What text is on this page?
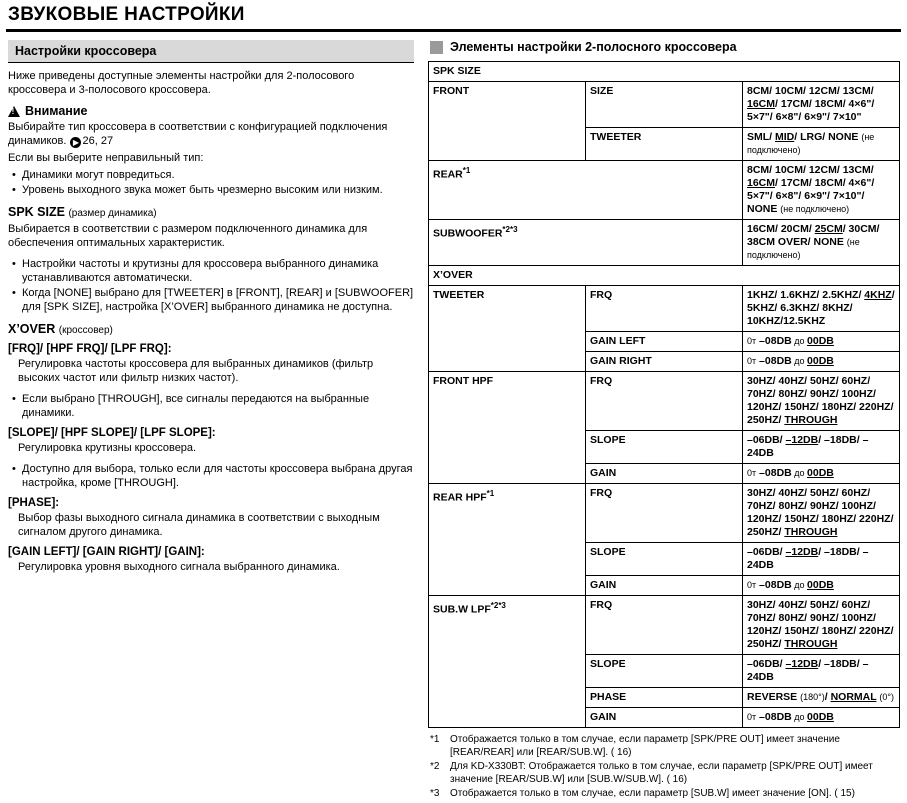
ЗВУКОВЫЕ НАСТРОЙКИ
Настройки кроссовера

Ниже приведены доступные элементы настройки для 2-полосового кроссовера и 3-полосового кроссовера.

!
Внимание

Выбирайте тип кроссовера в соответствии с конфигурацией подключения динамиков. ▶ 26, 27

Если вы выберите неправильный тип:

• Динамики могут повредиться.
• Уровень выходного звука может быть чрезмерно высоким или низким.
SPK SIZE (размер динамика)

Выбирается в соответствии с размером подключенного динамика для обеспечения оптимальных характеристик.

• Настройки частоты и крутизны для кроссовера выбранного динамика устанавливаются автоматически.
• Когда [NONE] выбрано для [TWEETER] в [FRONT], [REAR] и [SUBWOOFER] для [SPK SIZE], настройка [X’OVER] выбранного динамика не доступна.
X’OVER (кроссовер)
[FRQ]/ [HPF FRQ]/ [LPF FRQ]:

Регулировка частоты кроссовера для выбранных динамиков (фильтр высоких частот или фильтр низких частот).

• Если выбрано [THROUGH], все сигналы передаются на выбранные динамики.
[SLOPE]/ [HPF SLOPE]/ [LPF SLOPE]:

Регулировка крутизны кроссовера.

• Доступно для выбора, только если для частоты кроссовера выбрана другая настройка, кроме [THROUGH].
[PHASE]:

Выбор фазы выходного сигнала динамика в соответствии с выходным сигналом другого динамика.

[GAIN LEFT]/ [GAIN RIGHT]/ [GAIN]:

Регулировка уровня выходного сигнала выбранного динамика.

Элементы настройки 2-полосного кроссовера
SPK SIZE		
FRONT	SIZE	8CM/ 10CM/ 12CM/ 13CM/ 16CM/ 17CM/ 18CM/ 4×6"/ 5×7"/ 6×8"/ 6×9"/ 7×10"
	TWEETER	SML/ MID/ LRG/ NONE (не подключено)
REAR$^{*1}$		8CM/ 10CM/ 12CM/ 13CM/ 16CM/ 17CM/ 18CM/ 4×6"/ 5×7"/ 6×8"/ 6×9"/ 7×10"/ NONE (не подключено)
$SUBWOOFER^{*2*3}$		16CM/ 20CM/ 25CM/ 30CM/ 38CM OVER/ NONE (не подключено)
X’OVER		
TWEETER	FRQ	1KHZ/ 1.6KHZ/ 2.5KHZ/ 4KHZ/ 5KHZ/ 6.3KHZ/ 8KHZ/ 10KHZ/12.5KHZ
	GAIN LEFT	0т –08DB до 00DB
	GAIN RIGHT	0т –08DB до 00DB
FRONT HPF	FRQ	30HZ/ 40HZ/ 50HZ/ 60HZ/ 70HZ/ 80HZ/ 90HZ/ 100HZ/ 120HZ/ 150HZ/ 180HZ/ 220HZ/ 250HZ/ THROUGH
	SLOPE	–06DB/ –12DB/ –18DB/ –24DB
	GAIN	0т –08DB до 00DB
REAR HPF$^{*1}$	FRQ	30HZ/ 40HZ/ 50HZ/ 60HZ/ 70HZ/ 80HZ/ 90HZ/ 100HZ/ 120HZ/ 150HZ/ 180HZ/ 220HZ/ 250HZ/ THROUGH
	SLOPE	–06DB/ –12DB/ –18DB/ –24DB
	GAIN	0т –08DB до 00DB
SUB.W $LPF^{*2*3}$	FRQ	30HZ/ 40HZ/ 50HZ/ 60HZ/ 70HZ/ 80HZ/ 90HZ/ 100HZ/ 120HZ/ 150HZ/ 180HZ/ 220HZ/ 250HZ/ THROUGH
	SLOPE	–06DB/ –12DB/ –18DB/ –24DB
	PHASE	REVERSE (180°)/ NORMAL (0°)
	GAIN	0т –08DB до 00DB
*1	Отображается только в том случае, если параметр [SPK/PRE OUT] имеет значение [REAR/REAR] или [REAR/SUB.W]. ( 16)
*2	Для KD-X330BT: Отображается только в том случае, если параметр [SPK/PRE OUT] имеет значение [REAR/SUB.W] или [SUB.W/SUB.W]. ( 16)
*3	Отображается только в том случае, если параметр [SUB.W] имеет значение [ON]. ( 15)
